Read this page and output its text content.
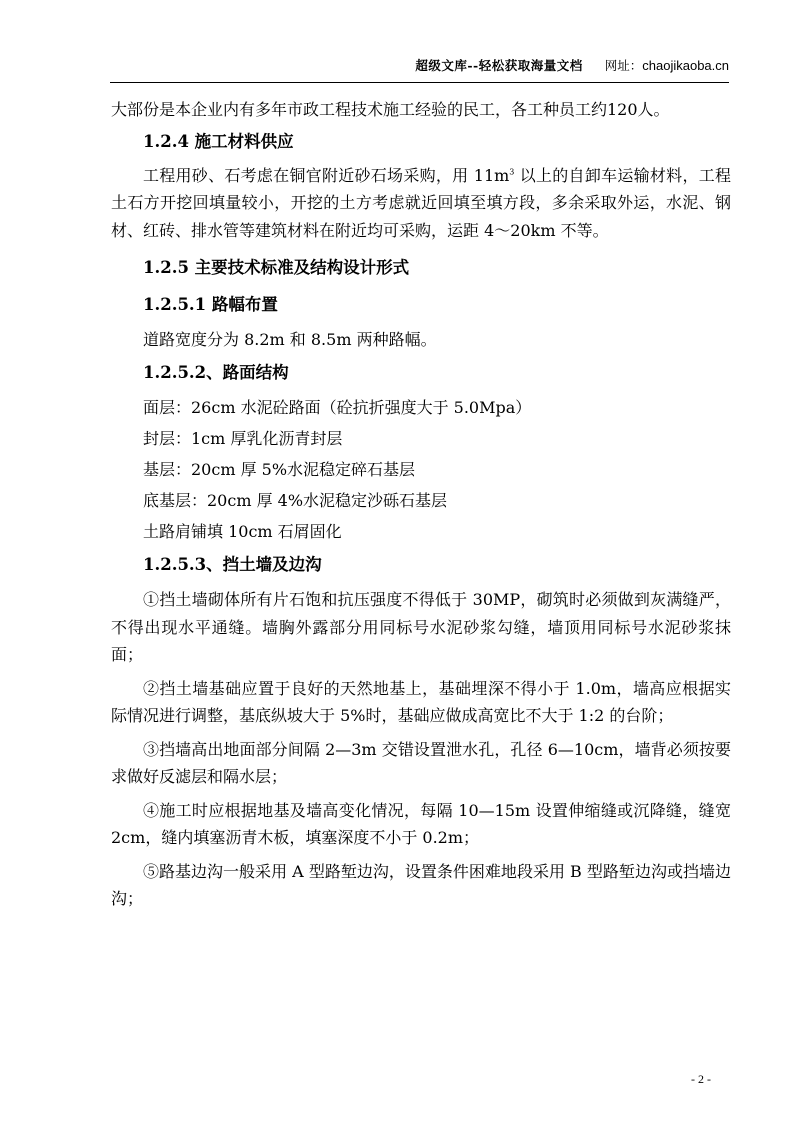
超级文库--轻松获取海量文档 网址：chaojikaoba.cn

大部份是本企业内有多年市政工程技术施工经验的民工，各工种员工约120人。

1.2.4 施工材料供应

工程用砂、石考虑在铜官附近砂石场采购，用 $11m^3$ 以上的自卸车运输材料，工程土石方开挖回填量较小，开挖的土方考虑就近回填至填方段，多余采取外运，水泥、钢材、红砖、排水管等建筑材料在附近均可采购，运距 4～20km 不等。

1.2.5 主要技术标准及结构设计形式

1.2.5.1 路幅布置

道路宽度分为 8.2m 和 8.5m 两种路幅。

1.2.5.2、路面结构

面层：26cm 水泥砼路面（砼抗折强度大于 5.0Mpa）

封层：1cm 厚乳化沥青封层

基层：20cm 厚 5%水泥稳定碎石基层

底基层：20cm 厚 4%水泥稳定沙砾石基层

土路肩铺填 10cm 石屑固化

1.2.5.3、挡土墙及边沟

①挡土墙砌体所有片石饱和抗压强度不得低于 30MP，砌筑时必须做到灰满缝严，不得出现水平通缝。墙胸外露部分用同标号水泥砂浆勾缝，墙顶用同标号水泥砂浆抹面；

②挡土墙基础应置于良好的天然地基上，基础埋深不得小于 1.0m，墙高应根据实际情况进行调整，基底纵坡大于 5%时，基础应做成高宽比不大于 1:2 的台阶；

③挡墙高出地面部分间隔 2—3m 交错设置泄水孔，孔径 6—10cm，墙背必须按要求做好反滤层和隔水层；

④施工时应根据地基及墙高变化情况，每隔 10—15m 设置伸缩缝或沉降缝，缝宽 2cm，缝内填塞沥青木板，填塞深度不小于 0.2m；

⑤路基边沟一般采用 A 型路堑边沟，设置条件困难地段采用 B 型路堑边沟或挡墙边沟；

- 2 -
